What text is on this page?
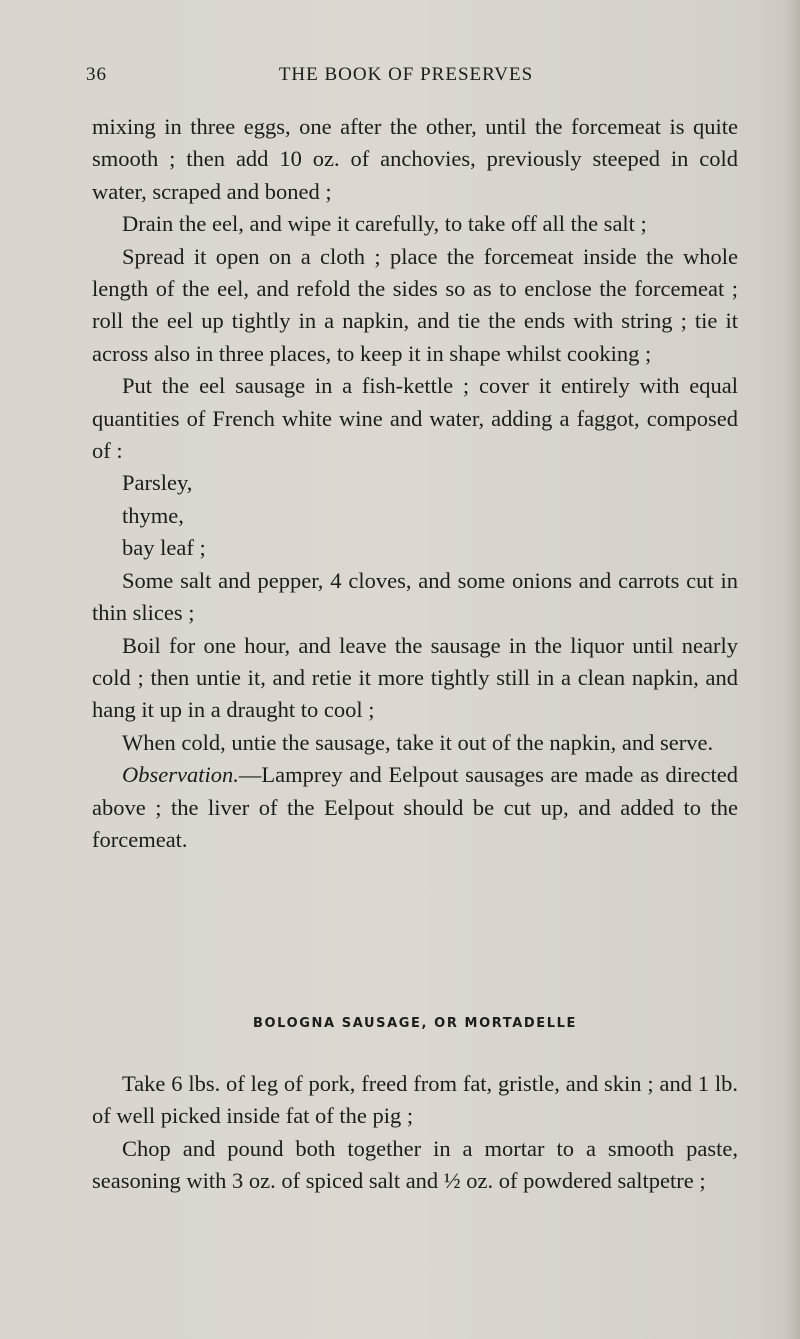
36	THE BOOK OF PRESERVES

mixing in three eggs, one after the other, until the forcemeat is quite smooth ; then add 10 oz. of anchovies, previously steeped in cold water, scraped and boned ;

Drain the eel, and wipe it carefully, to take off all the salt ;

Spread it open on a cloth ; place the forcemeat inside the whole length of the eel, and refold the sides so as to enclose the forcemeat ; roll the eel up tightly in a napkin, and tie the ends with string ; tie it across also in three places, to keep it in shape whilst cooking ;

Put the eel sausage in a fish-kettle ; cover it entirely with equal quantities of French white wine and water, adding a faggot, composed of :

Parsley,

thyme,

bay leaf ;

Some salt and pepper, 4 cloves, and some onions and carrots cut in thin slices ;

Boil for one hour, and leave the sausage in the liquor until nearly cold ; then untie it, and retie it more tightly still in a clean napkin, and hang it up in a draught to cool ;

When cold, untie the sausage, take it out of the napkin, and serve.

Observation.—Lamprey and Eelpout sausages are made as directed above ; the liver of the Eelpout should be cut up, and added to the forcemeat.

BOLOGNA SAUSAGE, OR MORTADELLE

Take 6 lbs. of leg of pork, freed from fat, gristle, and skin ; and 1 lb. of well picked inside fat of the pig ;

Chop and pound both together in a mortar to a smooth paste, seasoning with 3 oz. of spiced salt and ½ oz. of powdered saltpetre ;
